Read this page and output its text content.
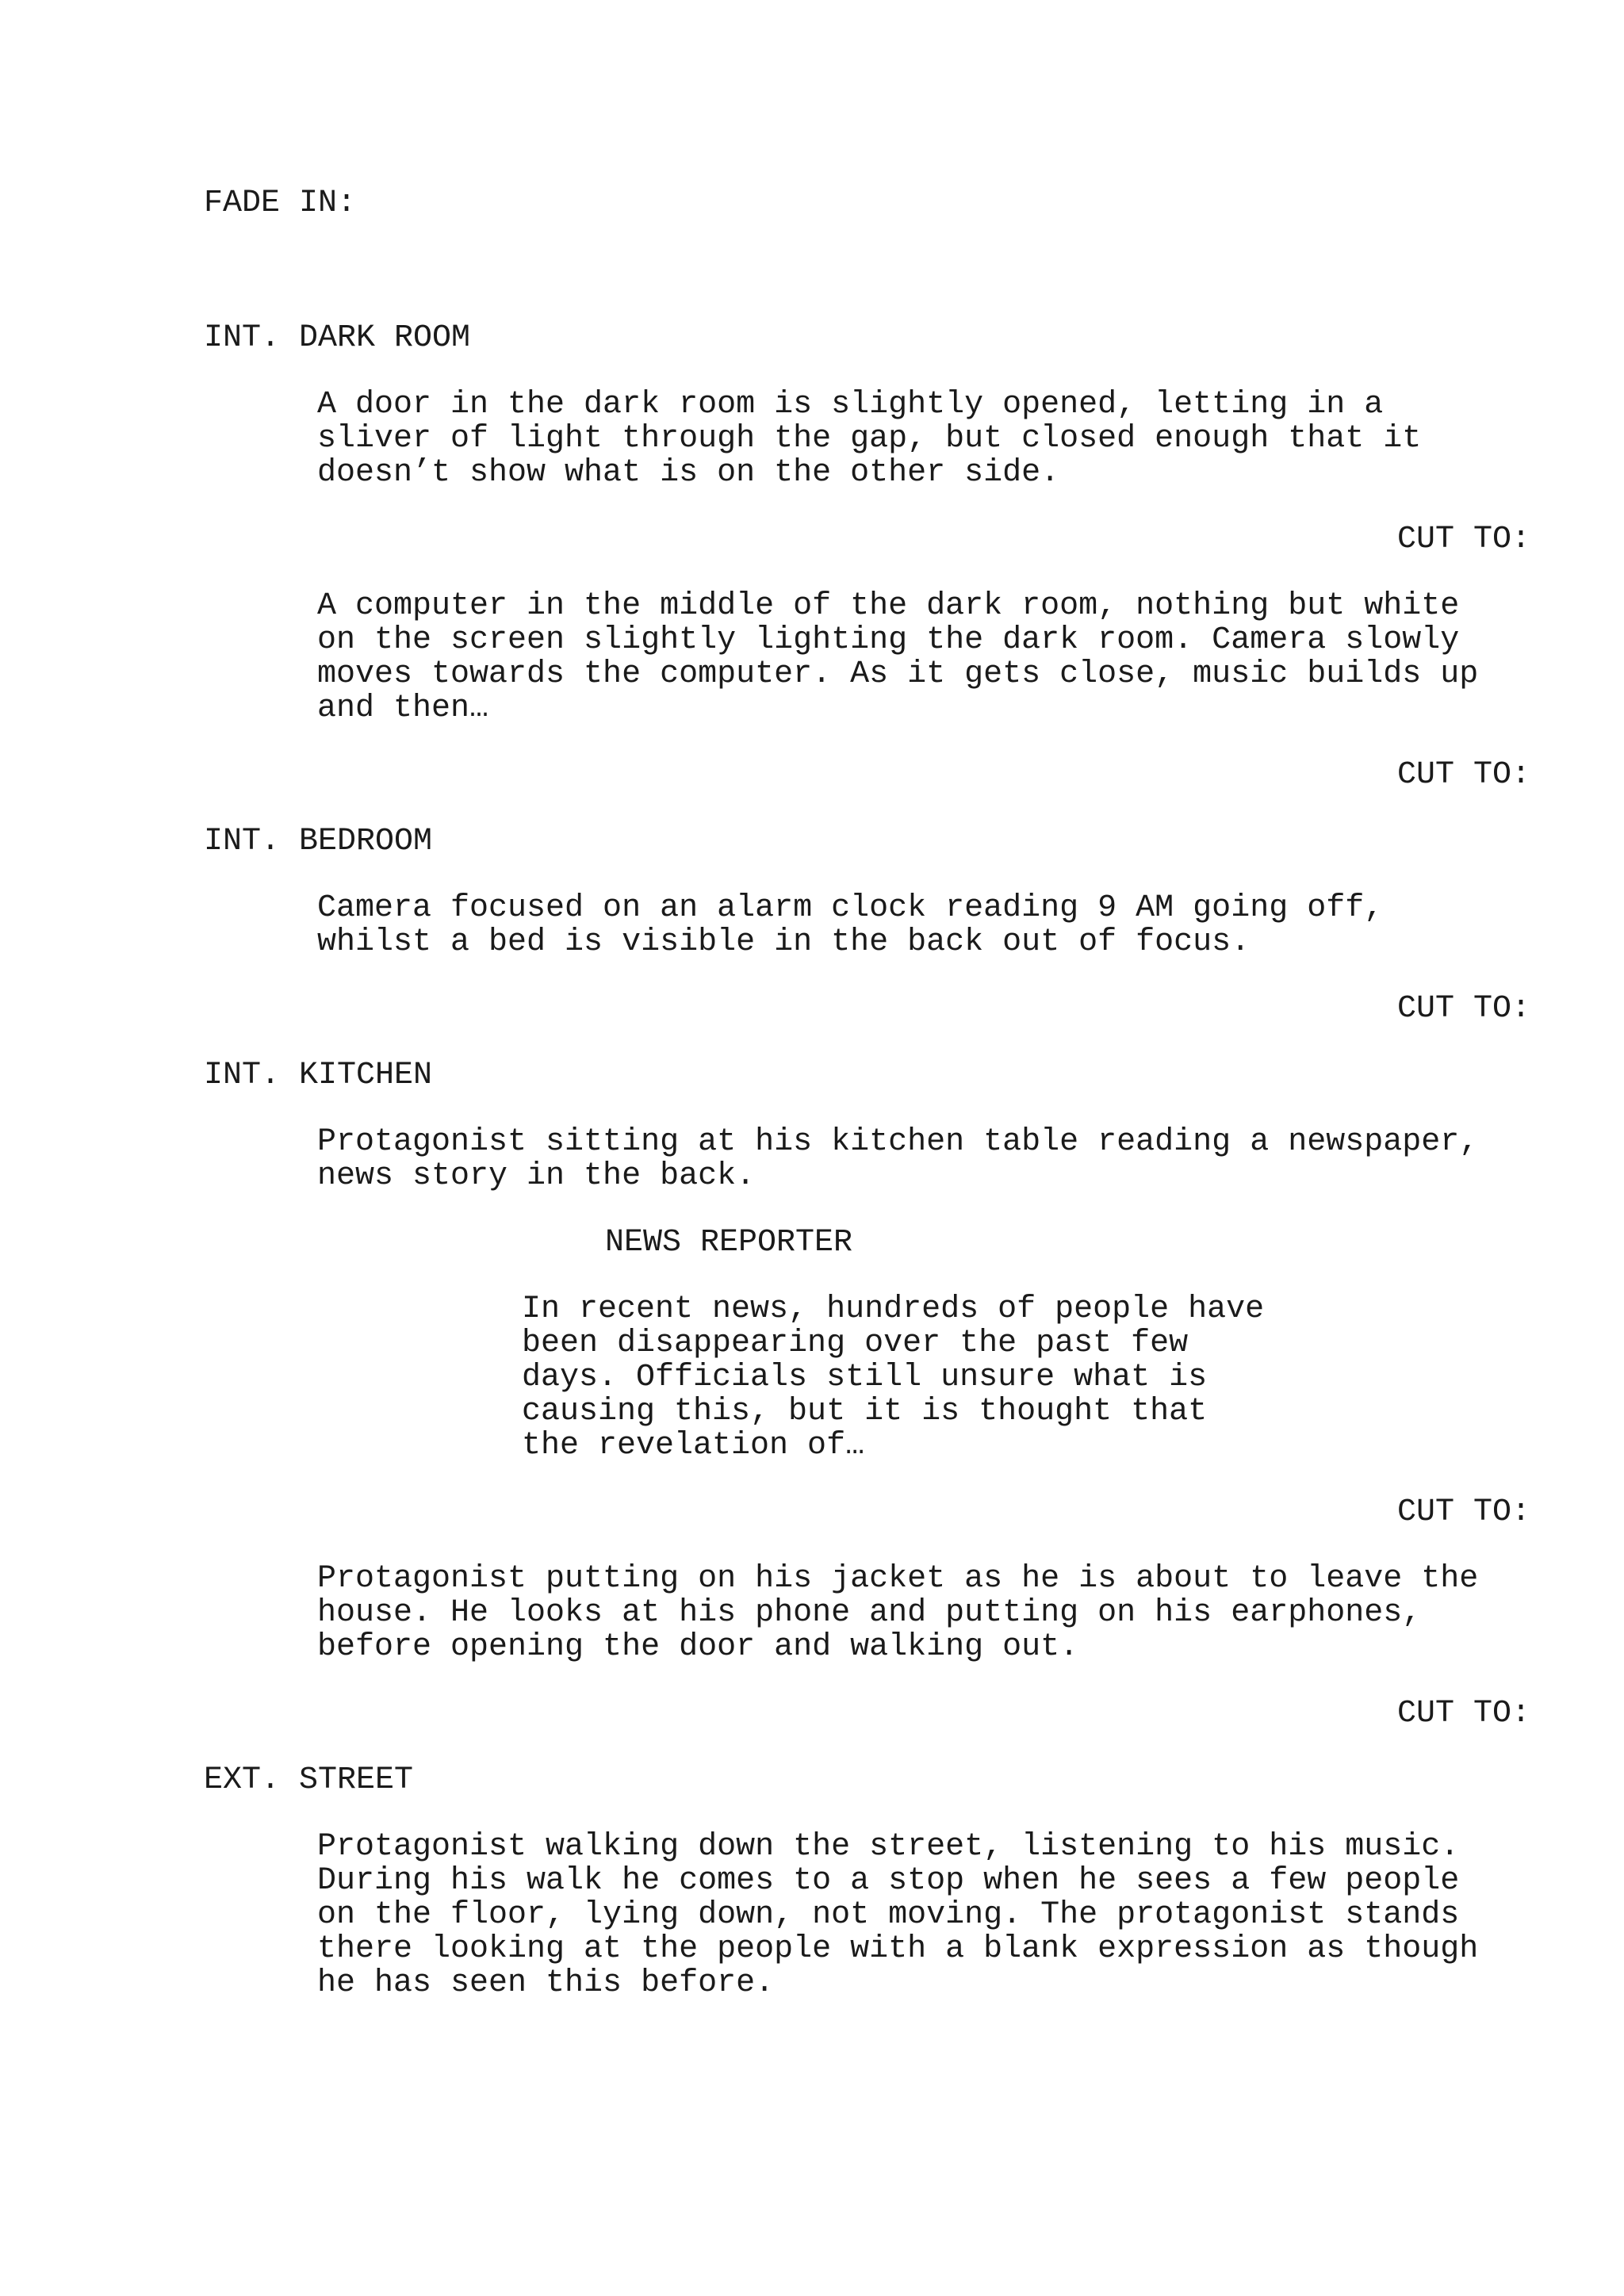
FADE IN:

INT. DARK ROOM

A door in the dark room is slightly opened, letting in a

sliver of light through the gap, but closed enough that it

doesn’t show what is on the other side.

CUT TO:

A computer in the middle of the dark room, nothing but white

on the screen slightly lighting the dark room. Camera slowly

moves towards the computer. As it gets close, music builds up

and then…

CUT TO:

INT. BEDROOM

Camera focused on an alarm clock reading 9 AM going off,

whilst a bed is visible in the back out of focus.

CUT TO:

INT. KITCHEN

Protagonist sitting at his kitchen table reading a newspaper,

news story in the back.

NEWS REPORTER

In recent news, hundreds of people have

been disappearing over the past few

days. Officials still unsure what is

causing this, but it is thought that

the revelation of…

CUT TO:

Protagonist putting on his jacket as he is about to leave the

house. He looks at his phone and putting on his earphones,

before opening the door and walking out.

CUT TO:

EXT. STREET

Protagonist walking down the street, listening to his music.

During his walk he comes to a stop when he sees a few people

on the floor, lying down, not moving. The protagonist stands

there looking at the people with a blank expression as though

he has seen this before.
